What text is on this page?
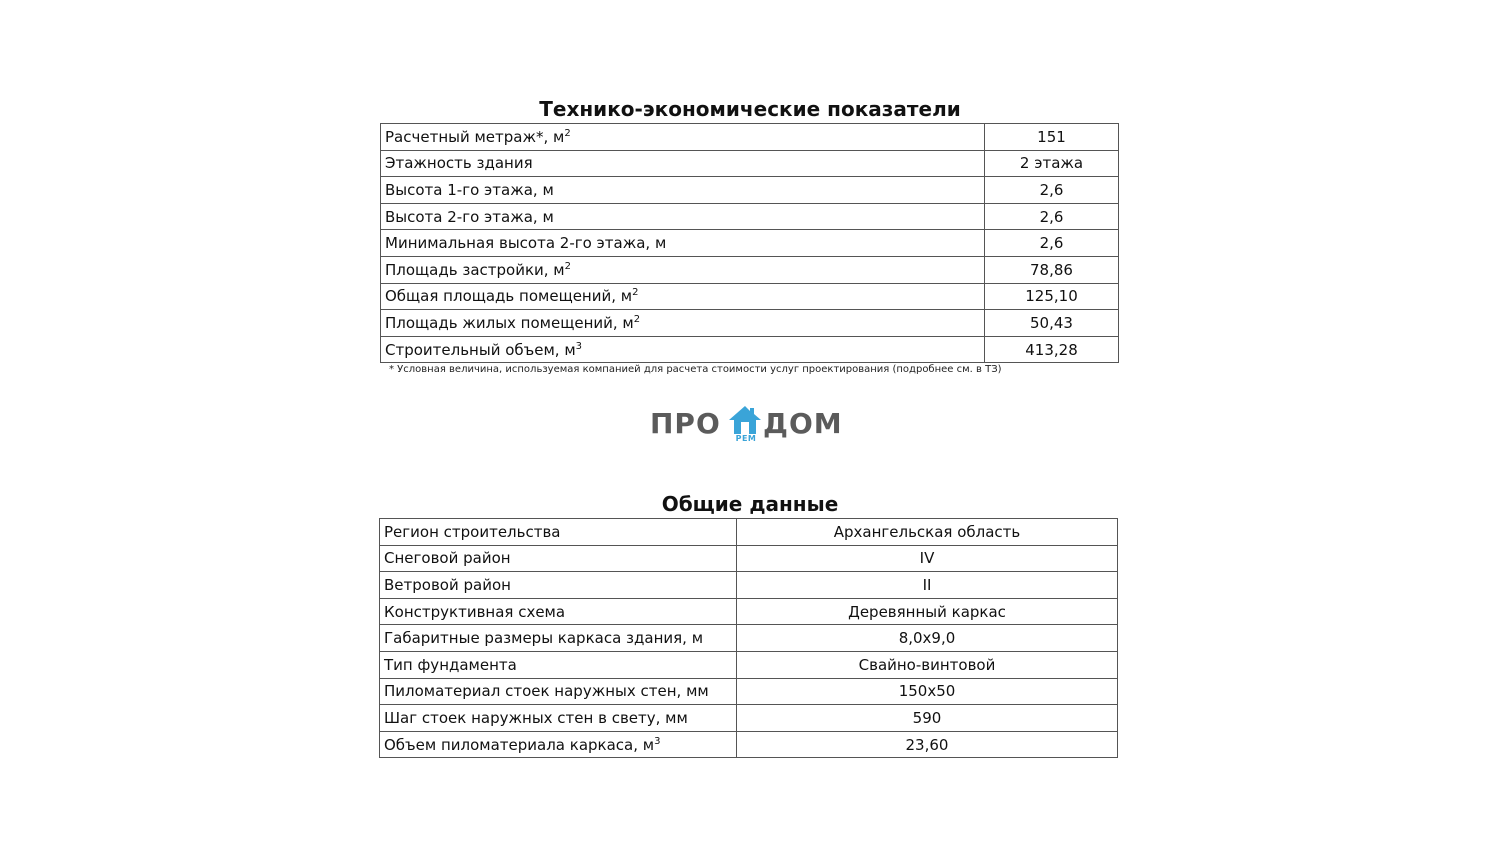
Технико-экономические показатели
Расчетный метраж*, $м^2$	151
Этажность здания	2 этажа
Высота 1-го этажа, м	2,6
Высота 2-го этажа, м	2,6
Минимальная высота 2-го этажа, м	2,6
Площадь застройки, $м^2$	78,86
Общая площадь помещений, $м^2$	125,10
Площадь жилых помещений, $м^2$	50,43
Строительный объем, $м^3$	413,28
* Условная величина, используемая компанией для расчета стоимости услуг проектирования (подробнее см. в ТЗ)
ПРО	РЕМ ДОМ
Общие данные
Регион строительства	Архангельская область
Снеговой район	IV
Ветровой район	II
Конструктивная схема	Деревянный каркас
Габаритные размеры каркаса здания, м	8,0х9,0
Тип фундамента	Свайно-винтовой
Пиломатериал стоек наружных стен, мм	150х50
Шаг стоек наружных стен в свету, мм	590
Объем пиломатериала каркаса, $м^3$	23,60
